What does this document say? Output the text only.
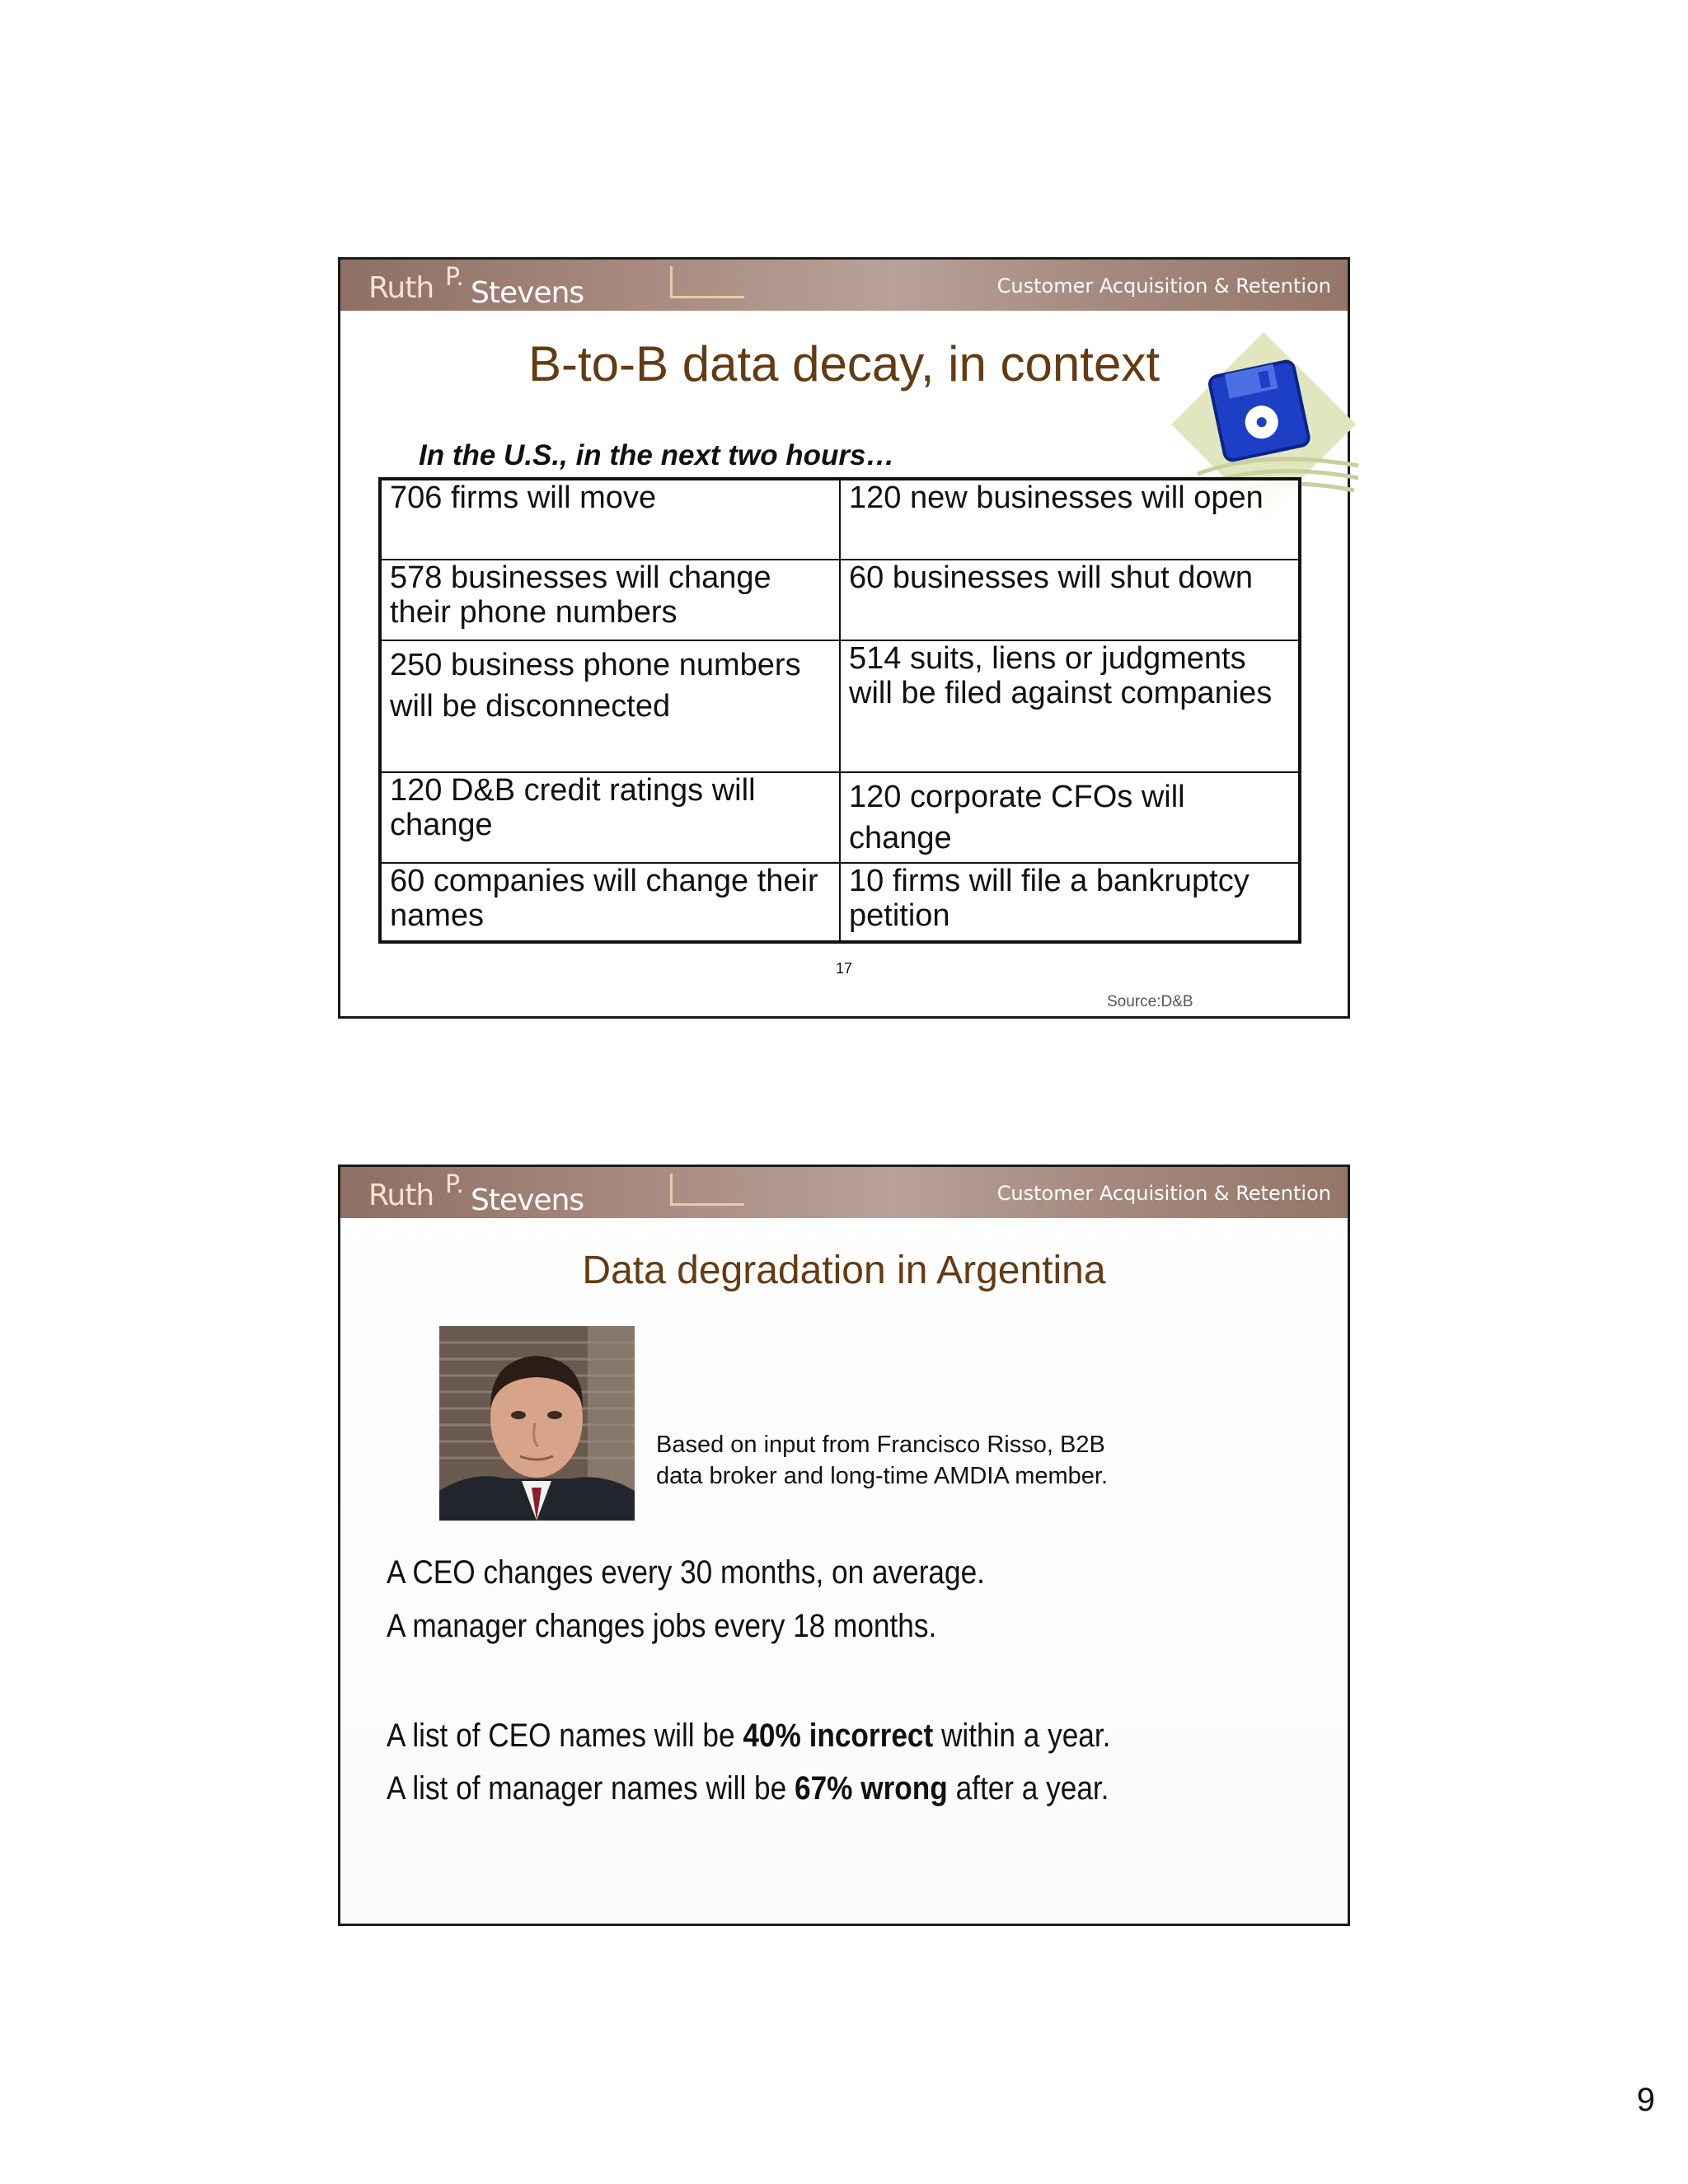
Ruth P. Stevens	Customer Acquisition & Retention
B-to-B data decay, in context
In the U.S., in the next two hours…
706 firms will move	120 new businesses will open
578 businesses will change their phone numbers	60 businesses will shut down
250 business phone numbers will be disconnected	514 suits, liens or judgments will be filed against companies
120 D&B credit ratings will change	120 corporate CFOs will change
60 companies will change their names	10 firms will file a bankruptcy petition
17
Source:D&B
Ruth P. Stevens	Customer Acquisition & Retention
Data degradation in Argentina
Based on input from Francisco Risso, B2B data broker and long-time AMDIA member.
A CEO changes every 30 months, on average.
A manager changes jobs every 18 months.
A list of CEO names will be 40% incorrect within a year.
A list of manager names will be 67% wrong after a year.
9
